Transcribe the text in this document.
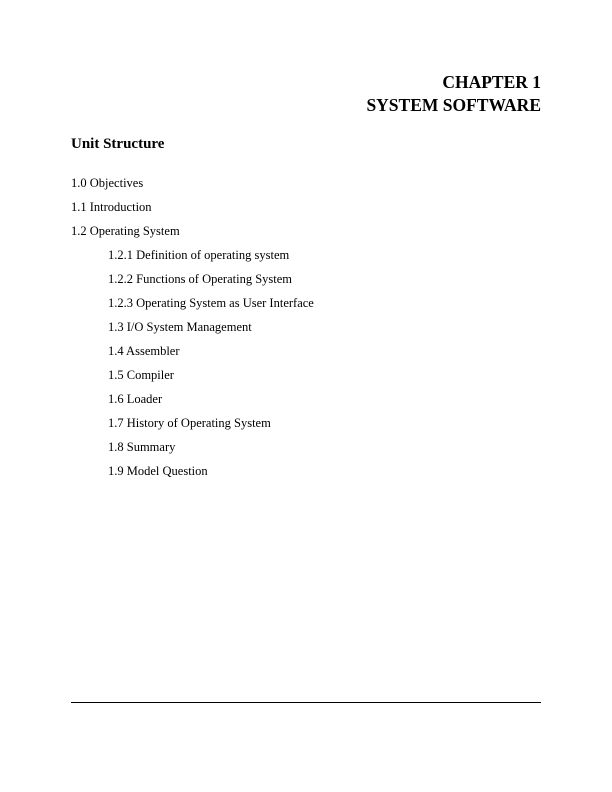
CHAPTER 1
SYSTEM SOFTWARE
Unit Structure
1.0 Objectives
1.1 Introduction
1.2 Operating System
1.2.1 Definition of operating system
1.2.2 Functions of Operating System
1.2.3 Operating System as User Interface
1.3 I/O System Management
1.4 Assembler
1.5 Compiler
1.6 Loader
1.7 History of Operating System
1.8 Summary
1.9 Model Question
